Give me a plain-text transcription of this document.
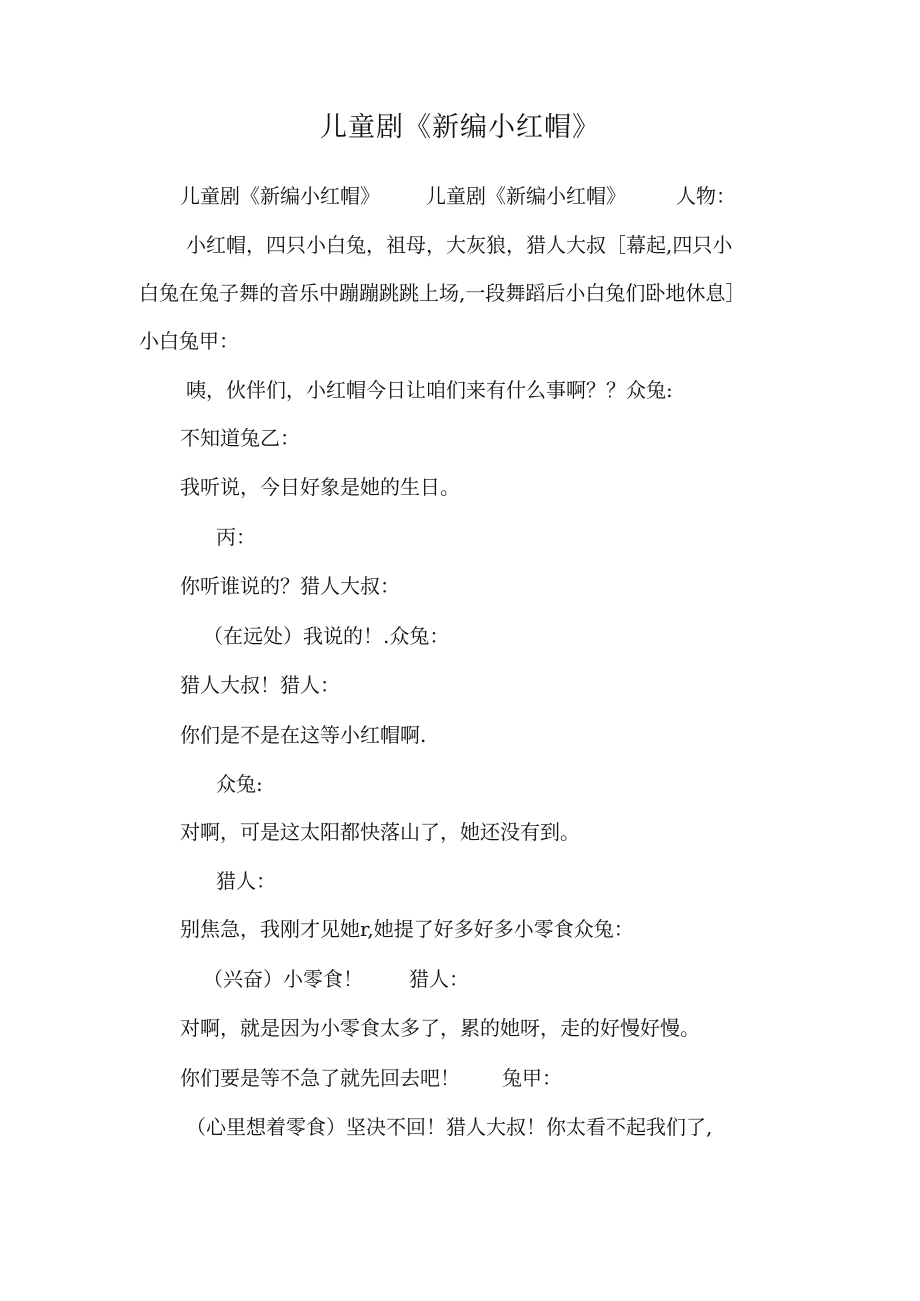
儿童剧《新编小红帽》
儿童剧《新编小红帽》 儿童剧《新编小红帽》	人物：
小红帽，四只小白兔，祖母，大灰狼，猎人大叔［幕起,四只小
白兔在兔子舞的音乐中蹦蹦跳跳上场,一段舞蹈后小白兔们卧地休息］
小白兔甲：
咦，伙伴们，小红帽今日让咱们来有什么事啊？？众兔:
不知道兔乙：
我听说，今日好象是她的生日。
丙：
你听谁说的？猎人大叔：
（在远处）我说的！.众兔：
猎人大叔！猎人：
你们是不是在这等小红帽啊.
众兔:
对啊，可是这太阳都快落山了，她还没有到。
猎人：
别焦急，我刚才见她r,她提了好多好多小零食众兔：
（兴奋）小零食！ 猎人：
对啊，就是因为小零食太多了，累的她呀，走的好慢好慢。
你们要是等不急了就先回去吧！ 兔甲：
（心里想着零食）坚决不回！猎人大叔！你太看不起我们了,
